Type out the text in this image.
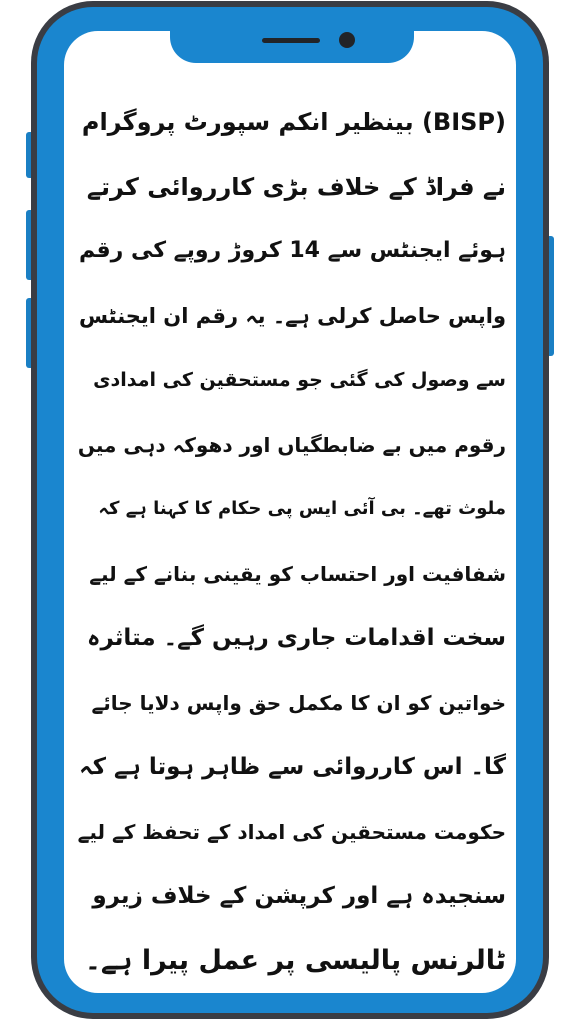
(BISP) بینظیر انکم سپورٹ پروگرام
نے فراڈ کے خلاف بڑی کارروائی کرتے
ہوئے ایجنٹس سے 14 کروڑ روپے کی رقم
واپس حاصل کرلی ہے۔ یہ رقم ان ایجنٹس
سے وصول کی گئی جو مستحقین کی امدادی
رقوم میں بے ضابطگیاں اور دھوکہ دہی میں
ملوث تھے۔ بی آئی ایس پی حکام کا کہنا ہے کہ
شفافیت اور احتساب کو یقینی بنانے کے لیے
سخت اقدامات جاری رہیں گے۔ متاثرہ
خواتین کو ان کا مکمل حق واپس دلایا جائے
گا۔ اس کارروائی سے ظاہر ہوتا ہے کہ
حکومت مستحقین کی امداد کے تحفظ کے لیے
سنجیدہ ہے اور کرپشن کے خلاف زیرو
ٹالرنس پالیسی پر عمل پیرا ہے۔
